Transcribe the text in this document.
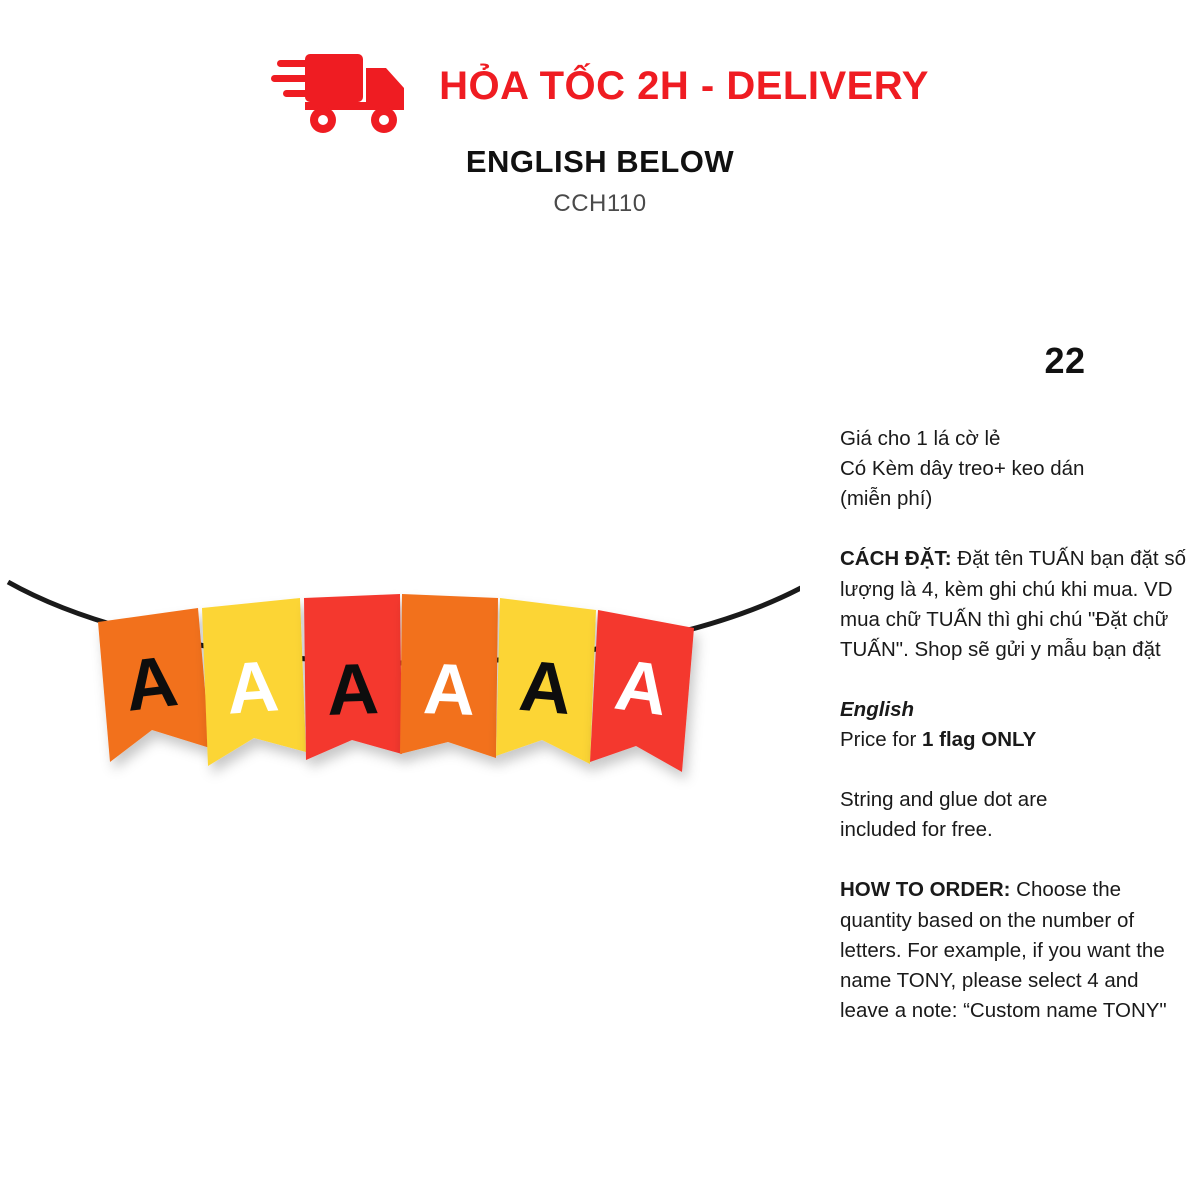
HỎA TỐC 2H - DELIVERY
ENGLISH BELOW
CCH110
A A A A A A
22
Giá cho 1 lá cờ lẻ
Có Kèm dây treo+ keo dán
(miễn phí)
CÁCH ĐẶT: Đặt tên TUẤN bạn đặt số lượng là 4, kèm ghi chú khi mua. VD mua chữ TUẤN thì ghi chú "Đặt chữ TUẤN". Shop sẽ gửi y mẫu bạn đặt
English
Price for 1 flag ONLY
String and glue dot are
included for free.
HOW TO ORDER: Choose the quantity based on the number of letters. For example, if you want the name TONY, please select 4 and leave a note: “Custom name TONY"
